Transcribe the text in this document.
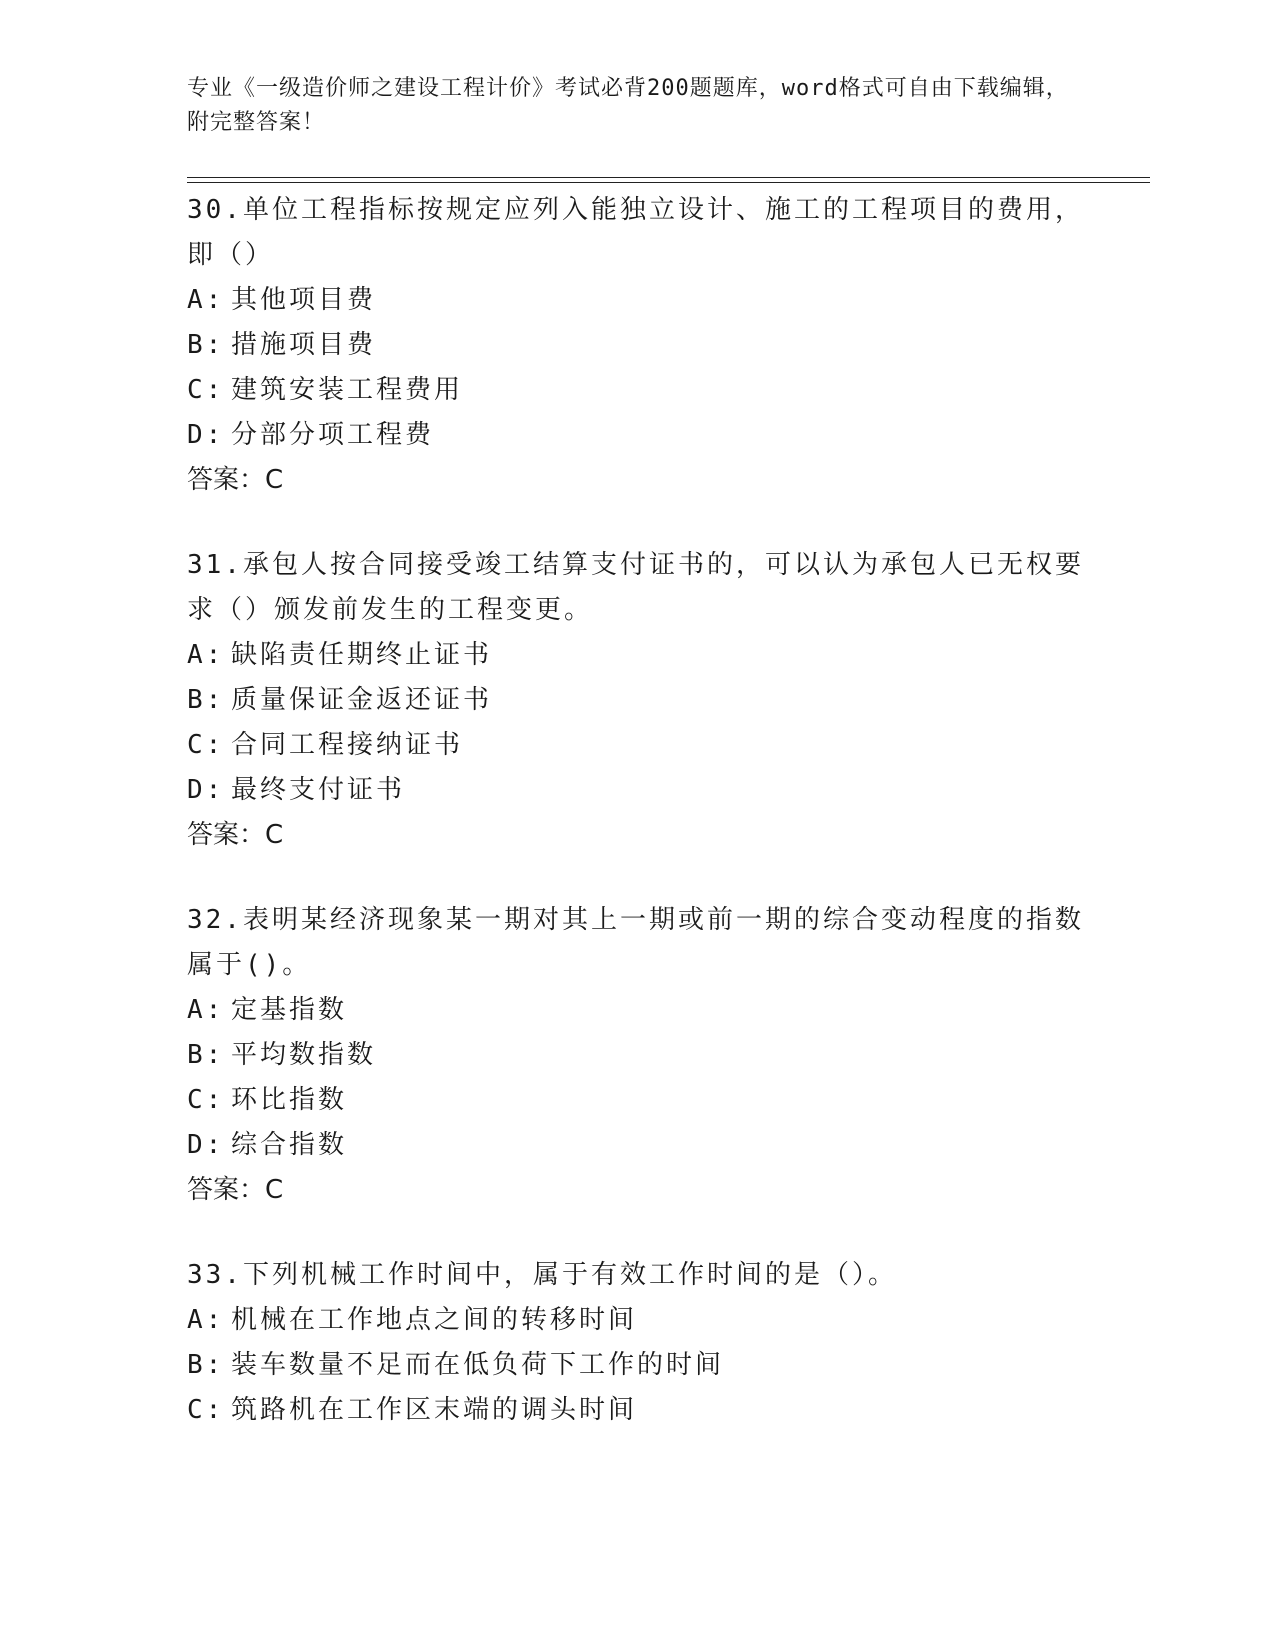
专业《一级造价师之建设工程计价》考试必背200题题库，word格式可自由下载编辑，附完整答案！
30.单位工程指标按规定应列入能独立设计、施工的工程项目的费用，即（）
A: 其他项目费
B: 措施项目费
C: 建筑安装工程费用
D: 分部分项工程费
答案：C
31.承包人按合同接受竣工结算支付证书的，可以认为承包人已无权要求（）颁发前发生的工程变更。
A: 缺陷责任期终止证书
B: 质量保证金返还证书
C: 合同工程接纳证书
D: 最终支付证书
答案：C
32.表明某经济现象某一期对其上一期或前一期的综合变动程度的指数属于()。
A: 定基指数
B: 平均数指数
C: 环比指数
D: 综合指数
答案：C
33.下列机械工作时间中，属于有效工作时间的是（）。
A: 机械在工作地点之间的转移时间
B: 装车数量不足而在低负荷下工作的时间
C: 筑路机在工作区末端的调头时间
